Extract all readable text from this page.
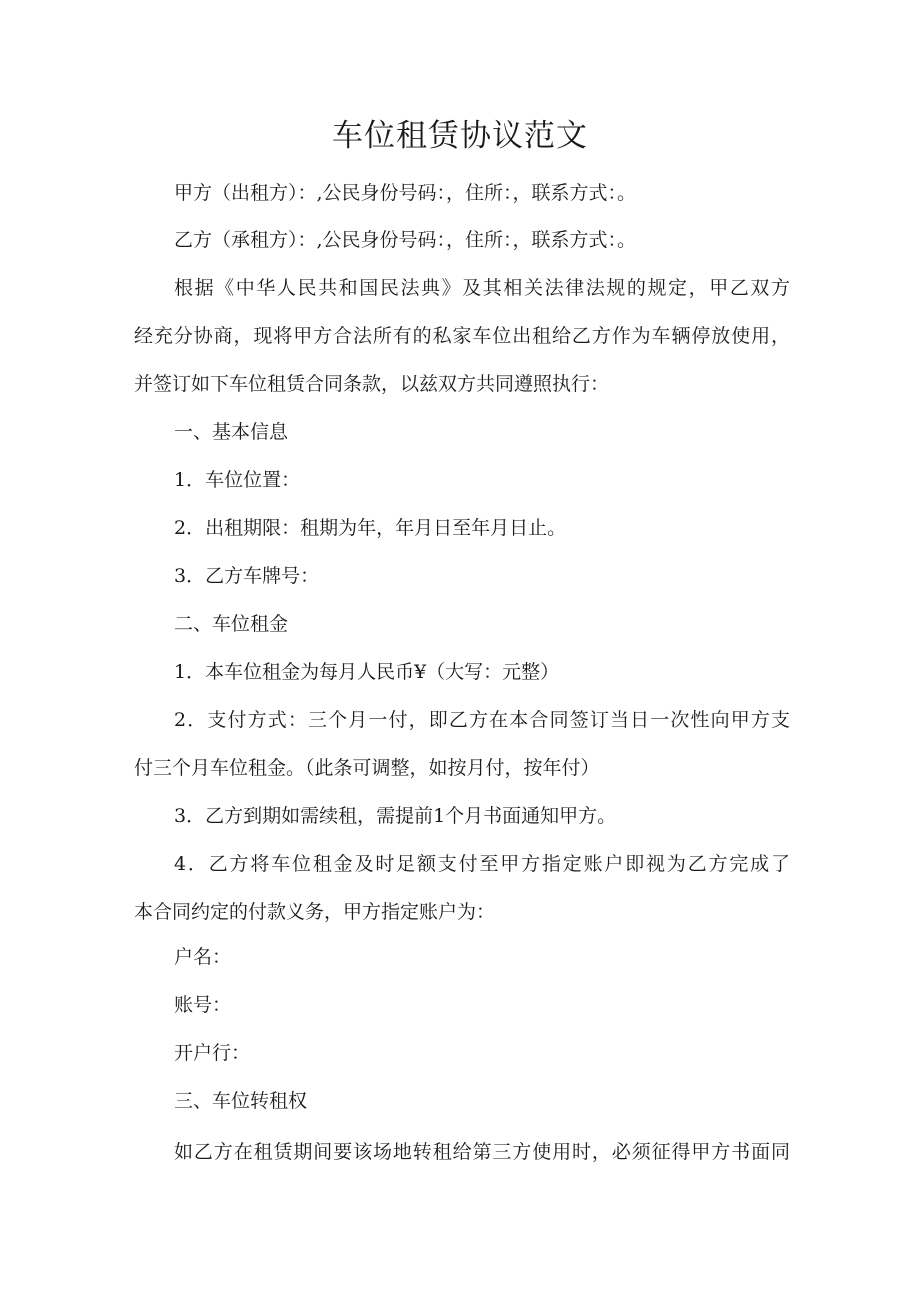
车位租赁协议范文
甲方（出租方）：,公民身份号码：，住所：，联系方式：。
乙方（承租方）：,公民身份号码：，住所：，联系方式：。
根据《中华人民共和国民法典》及其相关法律法规的规定，甲乙双方
经充分协商，现将甲方合法所有的私家车位出租给乙方作为车辆停放使用，
并签订如下车位租赁合同条款，以兹双方共同遵照执行：
一、基本信息
1．车位位置：
2．出租期限：租期为年，年月日至年月日止。
3．乙方车牌号：
二、车位租金
1．本车位租金为每月人民币¥（大写：元整）
2．支付方式：三个月一付，即乙方在本合同签订当日一次性向甲方支
付三个月车位租金。（此条可调整，如按月付，按年付）
3．乙方到期如需续租，需提前1个月书面通知甲方。
4．乙方将车位租金及时足额支付至甲方指定账户即视为乙方完成了
本合同约定的付款义务，甲方指定账户为：
户名：
账号：
开户行：
三、车位转租权
如乙方在租赁期间要该场地转租给第三方使用时，必须征得甲方书面同
